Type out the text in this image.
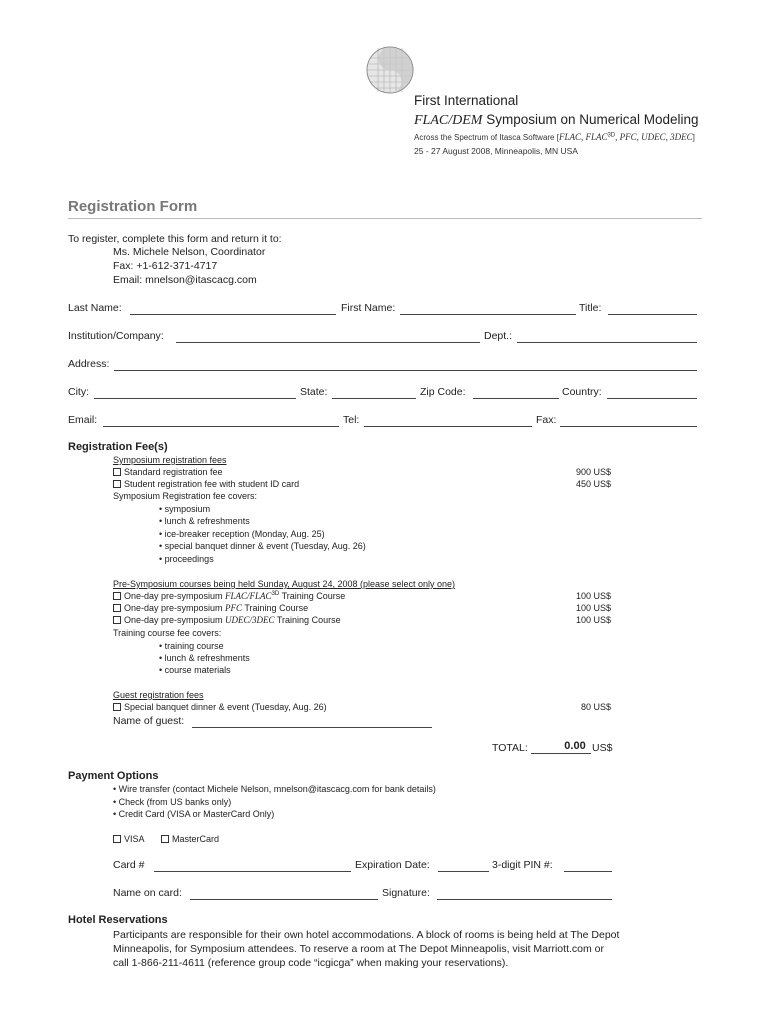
First International
FLAC/DEM Symposium on Numerical Modeling
Across the Spectrum of Itasca Software [FLAC, $FLAC^{3D}$, PFC, UDEC, 3DEC]
25 - 27 August 2008, Minneapolis, MN USA
Registration Form
To register, complete this form and return it to:
Ms. Michele Nelson, Coordinator
Fax: +1-612-371-4717
Email: mnelson@itascacg.com
Last Name:	First Name:	Title:
Institution/Company:	Dept.:
Address:
City:	State:	Zip Code:	Country:
Email:	Tel:	Fax:
Registration Fee(s)
Symposium registration fees
Standard registration fee	900 US$
Student registration fee with student ID card	450 US$
Symposium Registration fee covers:
• symposium
• lunch & refreshments
• ice-breaker reception (Monday, Aug. 25)
• special banquet dinner & event (Tuesday, Aug. 26)
• proceedings
Pre-Symposium courses being held Sunday, August 24, 2008 (please select only one)
One-day pre-symposium FLAC/$FLAC^{3D}$ Training Course	100 US$
One-day pre-symposium PFC Training Course	100 US$
One-day pre-symposium UDEC/3DEC Training Course	100 US$
Training course fee covers:
• training course
• lunch & refreshments
• course materials
Guest registration fees
Special banquet dinner & event (Tuesday, Aug. 26)	80 US$
Name of guest:
TOTAL:	0.00 US$
Payment Options
• Wire transfer (contact Michele Nelson, mnelson@itascacg.com for bank details)
• Check (from US banks only)
• Credit Card (VISA or MasterCard Only)
VISA	MasterCard
Card #	Expiration Date:	3-digit PIN #:
Name on card:	Signature:
Hotel Reservations
Participants are responsible for their own hotel accommodations. A block of rooms is being held at The Depot
Minneapolis, for Symposium attendees. To reserve a room at The Depot Minneapolis, visit Marriott.com or
call 1-866-211-4611 (reference group code “icgicga” when making your reservations).
